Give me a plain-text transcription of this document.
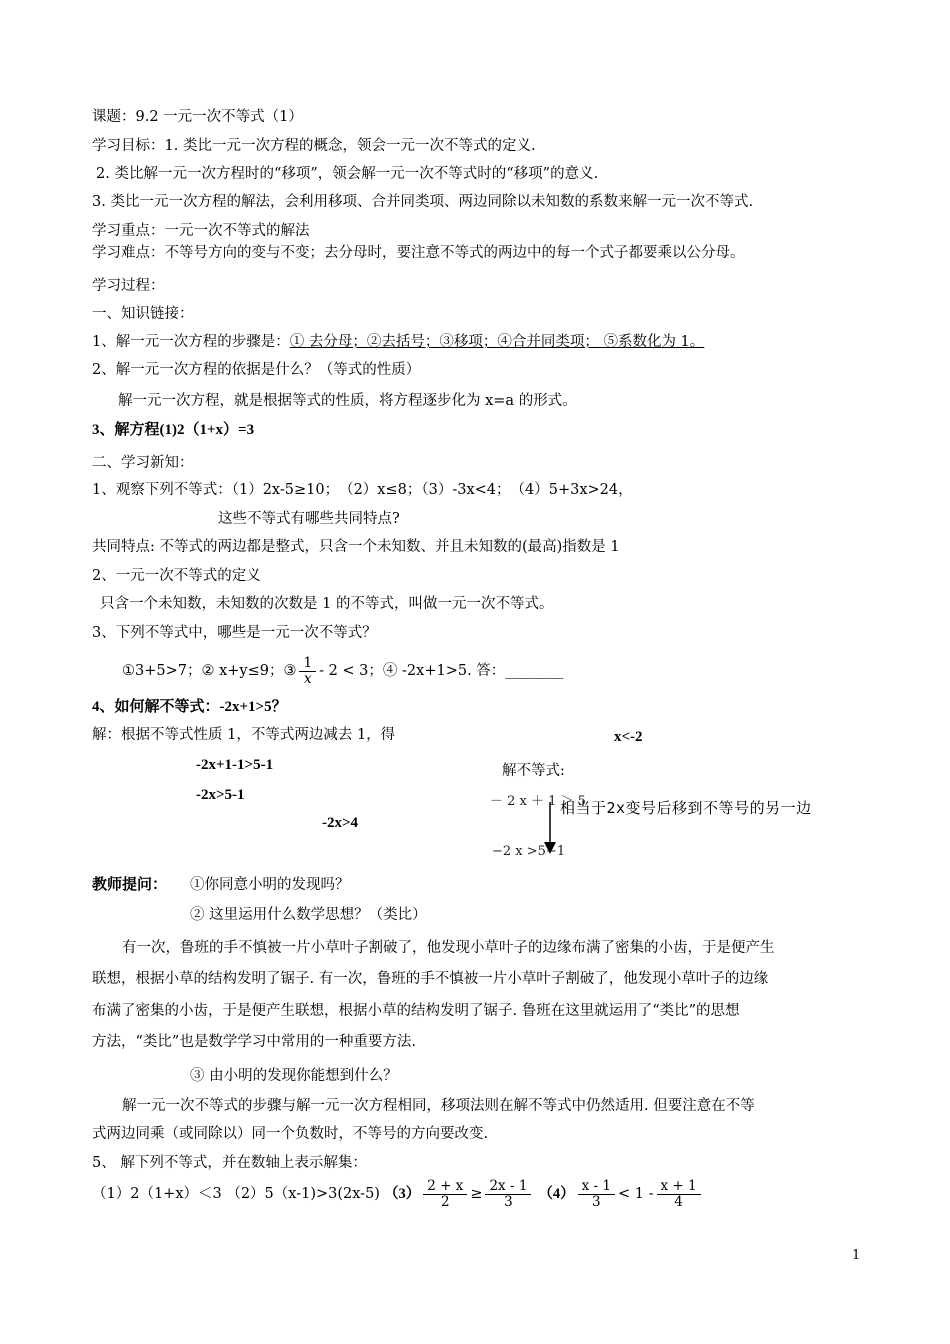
课题：9.2 一元一次不等式（1）
学习目标：1. 类比一元一次方程的概念，领会一元一次不等式的定义.
2. 类比解一元一次方程时的“移项”，领会解一元一次不等式时的“移项”的意义.
3. 类比一元一次方程的解法，会利用移项、合并同类项、两边同除以未知数的系数来解一元一次不等式.
学习重点：一元一次不等式的解法
学习难点：不等号方向的变与不变；去分母时，要注意不等式的两边中的每一个式子都要乘以公分母。
学习过程：
一、知识链接：
1、解一元一次方程的步骤是：① 去分母；②去括号；③移项；④合并同类项； ⑤系数化为 1。
2、解一元一次方程的依据是什么？（等式的性质）
解一元一次方程，就是根据等式的性质，将方程逐步化为 x=a 的形式。
3、解方程(1)2（1+x）=3
二、学习新知：
1、观察下列不等式：（1）2x-5≥10；　（2）x≤8；（3）-3x<4；　（4）5+3x>24，
这些不等式有哪些共同特点?
共同特点: 不等式的两边都是整式，只含一个未知数、并且未知数的(最高)指数是 1
2、一元一次不等式的定义
只含一个未知数，未知数的次数是 1 的不等式，叫做一元一次不等式。
3、下列不等式中，哪些是一元一次不等式？
①3+5>7；② x+y≤9；③ $\frac{1}{x} - 2 < 3$；④ -2x+1>5. 答：________
4、如何解不等式：-2x+1>5？
解：根据不等式性质 1，不等式两边减去 1，得	x<-2
-2x+1-1>5-1
-2x>5-1
-2x>4
解不等式:
－ 2 x ＋ 1 ＞ 5
相当于2x变号后移到不等号的另一边
−2 x >5−1
教师提问： ①你同意小明的发现吗？
② 这里运用什么数学思想？（类比）
有一次，鲁班的手不慎被一片小草叶子割破了，他发现小草叶子的边缘布满了密集的小齿，于是便产生
联想，根据小草的结构发明了锯子. 有一次，鲁班的手不慎被一片小草叶子割破了，他发现小草叶子的边缘
布满了密集的小齿，于是便产生联想，根据小草的结构发明了锯子. 鲁班在这里就运用了“类比”的思想
方法，“类比”也是数学学习中常用的一种重要方法.
③ 由小明的发现你能想到什么？
解一元一次不等式的步骤与解一元一次方程相同，移项法则在解不等式中仍然适用. 但要注意在不等
式两边同乘（或同除以）同一个负数时，不等号的方向要改变.
5、 解下列不等式，并在数轴上表示解集：
（1）2（1+x）＜3 （2）5（x-1)>3(2x-5) $(3) \frac{2 + x}{2} \ge \frac{2x - 1}{3} (4) \frac{x - 1}{3} < 1 - \frac{x + 1}{4}$
1
